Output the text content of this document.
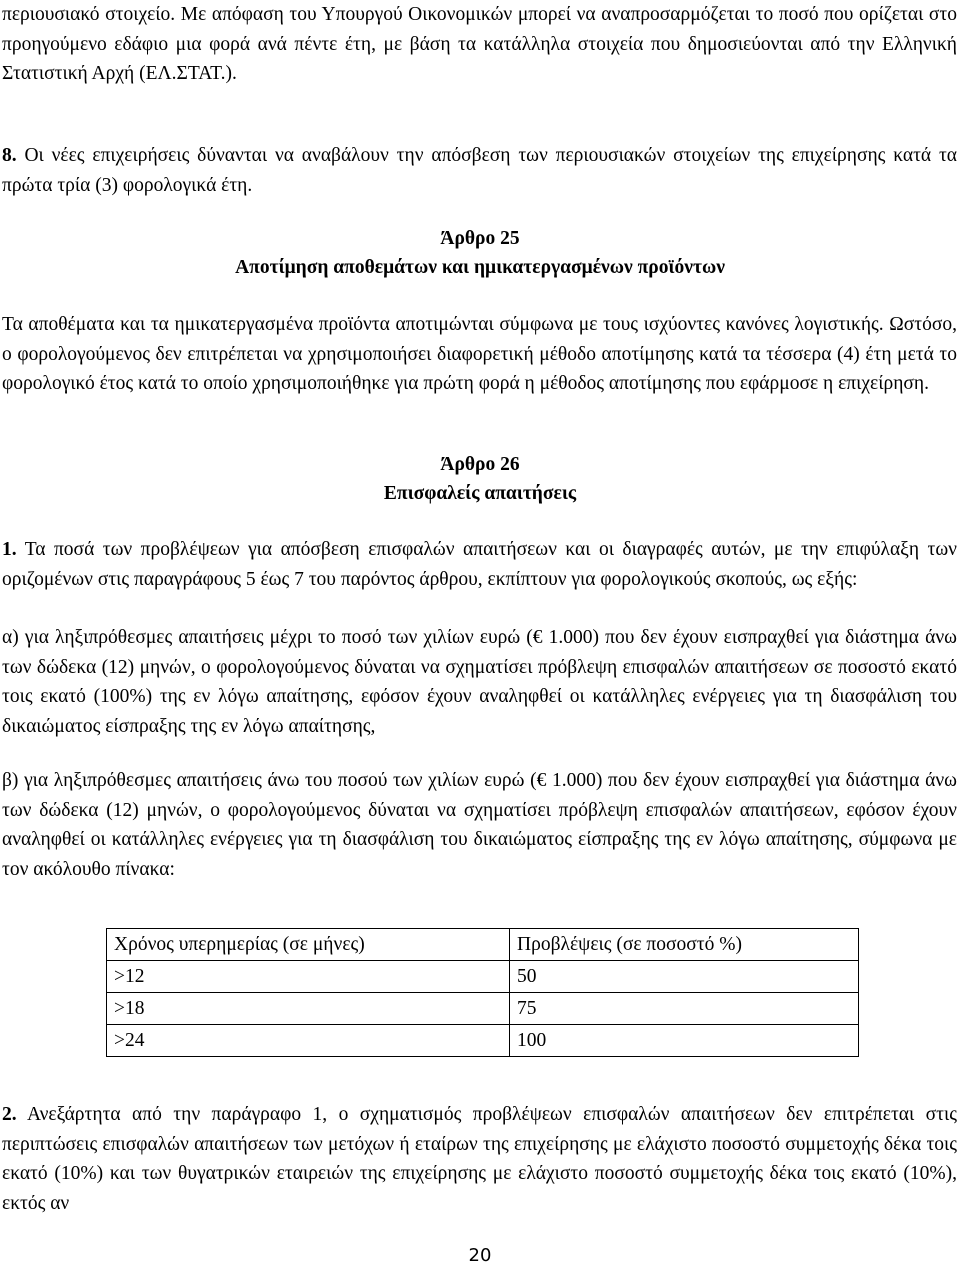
περιουσιακό στοιχείο. Με απόφαση του Υπουργού Οικονομικών μπορεί να αναπροσαρμόζεται το ποσό που ορίζεται στο προηγούμενο εδάφιο μια φορά ανά πέντε έτη, με βάση τα κατάλληλα στοιχεία που δημοσιεύονται από την Ελληνική Στατιστική Αρχή (ΕΛ.ΣΤΑΤ.).

8. Οι νέες επιχειρήσεις δύνανται να αναβάλουν την απόσβεση των περιουσιακών στοιχείων της επιχείρησης κατά τα πρώτα τρία (3) φορολογικά έτη.

Άρθρο 25

Αποτίμηση αποθεμάτων και ημικατεργασμένων προϊόντων

Τα αποθέματα και τα ημικατεργασμένα προϊόντα αποτιμώνται σύμφωνα με τους ισχύοντες κανόνες λογιστικής. Ωστόσο, ο φορολογούμενος δεν επιτρέπεται να χρησιμοποιήσει διαφορετική μέθοδο αποτίμησης κατά τα τέσσερα (4) έτη μετά το φορολογικό έτος κατά το οποίο χρησιμοποιήθηκε για πρώτη φορά η μέθοδος αποτίμησης που εφάρμοσε η επιχείρηση.

Άρθρο 26

Επισφαλείς απαιτήσεις

1. Τα ποσά των προβλέψεων για απόσβεση επισφαλών απαιτήσεων και οι διαγραφές αυτών, με την επιφύλαξη των οριζομένων στις παραγράφους 5 έως 7 του παρόντος άρθρου, εκπίπτουν για φορολογικούς σκοπούς, ως εξής:

α) για ληξιπρόθεσμες απαιτήσεις μέχρι το ποσό των χιλίων ευρώ (€ 1.000) που δεν έχουν εισπραχθεί για διάστημα άνω των δώδεκα (12) μηνών, ο φορολογούμενος δύναται να σχηματίσει πρόβλεψη επισφαλών απαιτήσεων σε ποσοστό εκατό τοις εκατό (100%) της εν λόγω απαίτησης, εφόσον έχουν αναληφθεί οι κατάλληλες ενέργειες για τη διασφάλιση του δικαιώματος είσπραξης της εν λόγω απαίτησης,

β) για ληξιπρόθεσμες απαιτήσεις άνω του ποσού των χιλίων ευρώ (€ 1.000) που δεν έχουν εισπραχθεί για διάστημα άνω των δώδεκα (12) μηνών, ο φορολογούμενος δύναται να σχηματίσει πρόβλεψη επισφαλών απαιτήσεων, εφόσον έχουν αναληφθεί οι κατάλληλες ενέργειες για τη διασφάλιση του δικαιώματος είσπραξης της εν λόγω απαίτησης, σύμφωνα με τον ακόλουθο πίνακα:

Χρόνος υπερημερίας (σε μήνες)	Προβλέψεις (σε ποσοστό %)
>12	50
>18	75
>24	100

2. Ανεξάρτητα από την παράγραφο 1, ο σχηματισμός προβλέψεων επισφαλών απαιτήσεων δεν επιτρέπεται στις περιπτώσεις επισφαλών απαιτήσεων των μετόχων ή εταίρων της επιχείρησης με ελάχιστο ποσοστό συμμετοχής δέκα τοις εκατό (10%) και των θυγατρικών εταιρειών της επιχείρησης με ελάχιστο ποσοστό συμμετοχής δέκα τοις εκατό (10%), εκτός αν

20
